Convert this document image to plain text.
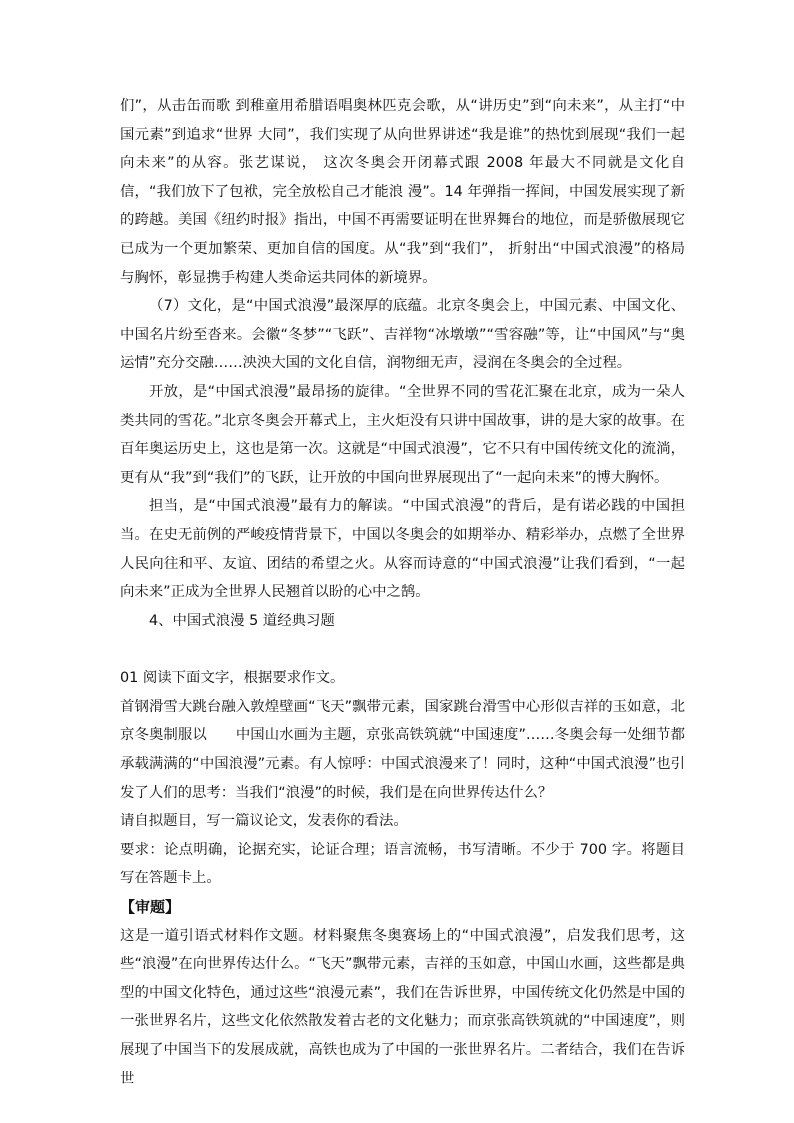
们”，从击缶而歌 到稚童用希腊语唱奥林匹克会歌，从“讲历史”到“向未来”，从主打“中国元素”到追求“世界 大同”，我们实现了从向世界讲述“我是谁”的热忱到展现“我们一起向未来”的从容。张艺谋说， 这次冬奥会开闭幕式跟 2008 年最大不同就是文化自信，“我们放下了包袱，完全放松自己才能浪 漫”。14 年弹指一挥间，中国发展实现了新的跨越。美国《纽约时报》指出，中国不再需要证明在世界舞台的地位，而是骄傲展现它已成为一个更加繁荣、更加自信的国度。从“我”到“我们”， 折射出“中国式浪漫”的格局与胸怀，彰显携手构建人类命运共同体的新境界。

（7）文化，是“中国式浪漫”最深厚的底蕴。北京冬奥会上，中国元素、中国文化、中国名片纷至沓来。会徽“冬梦”“飞跃”、吉祥物“冰墩墩”“雪容融”等，让“中国风”与“奥运情”充分交融……泱泱大国的文化自信，润物细无声，浸润在冬奥会的全过程。

开放，是“中国式浪漫”最昂扬的旋律。“全世界不同的雪花汇聚在北京，成为一朵人类共同的雪花。”北京冬奥会开幕式上，主火炬没有只讲中国故事，讲的是大家的故事。在百年奥运历史上，这也是第一次。这就是“中国式浪漫”，它不只有中国传统文化的流淌，更有从“我”到“我们”的飞跃，让开放的中国向世界展现出了“一起向未来”的博大胸怀。

担当，是“中国式浪漫”最有力的解读。“中国式浪漫”的背后，是有诺必践的中国担当。在史无前例的严峻疫情背景下，中国以冬奥会的如期举办、精彩举办，点燃了全世界人民向往和平、友谊、团结的希望之火。从容而诗意的“中国式浪漫”让我们看到，“一起向未来”正成为全世界人民翘首以盼的心中之鹄。

4、中国式浪漫 5 道经典习题

01 阅读下面文字，根据要求作文。

首钢滑雪大跳台融入敦煌壁画“飞天”飘带元素，国家跳台滑雪中心形似吉祥的玉如意，北京冬奥制服以　　中国山水画为主题，京张高铁筑就“中国速度”……冬奥会每一处细节都承载满满的“中国浪漫”元素。有人惊呼：中国式浪漫来了！同时，这种“中国式浪漫”也引发了人们的思考：当我们“浪漫”的时候，我们是在向世界传达什么？

请自拟题目，写一篇议论文，发表你的看法。

要求：论点明确，论据充实，论证合理；语言流畅，书写清晰。不少于 700 字。将题目写在答题卡上。

【审题】

这是一道引语式材料作文题。材料聚焦冬奥赛场上的“中国式浪漫”，启发我们思考，这些“浪漫”在向世界传达什么。“飞天”飘带元素，吉祥的玉如意，中国山水画，这些都是典型的中国文化特色，通过这些“浪漫元素”，我们在告诉世界，中国传统文化仍然是中国的一张世界名片，这些文化依然散发着古老的文化魅力；而京张高铁筑就的“中国速度”，则展现了中国当下的发展成就，高铁也成为了中国的一张世界名片。二者结合，我们在告诉世
